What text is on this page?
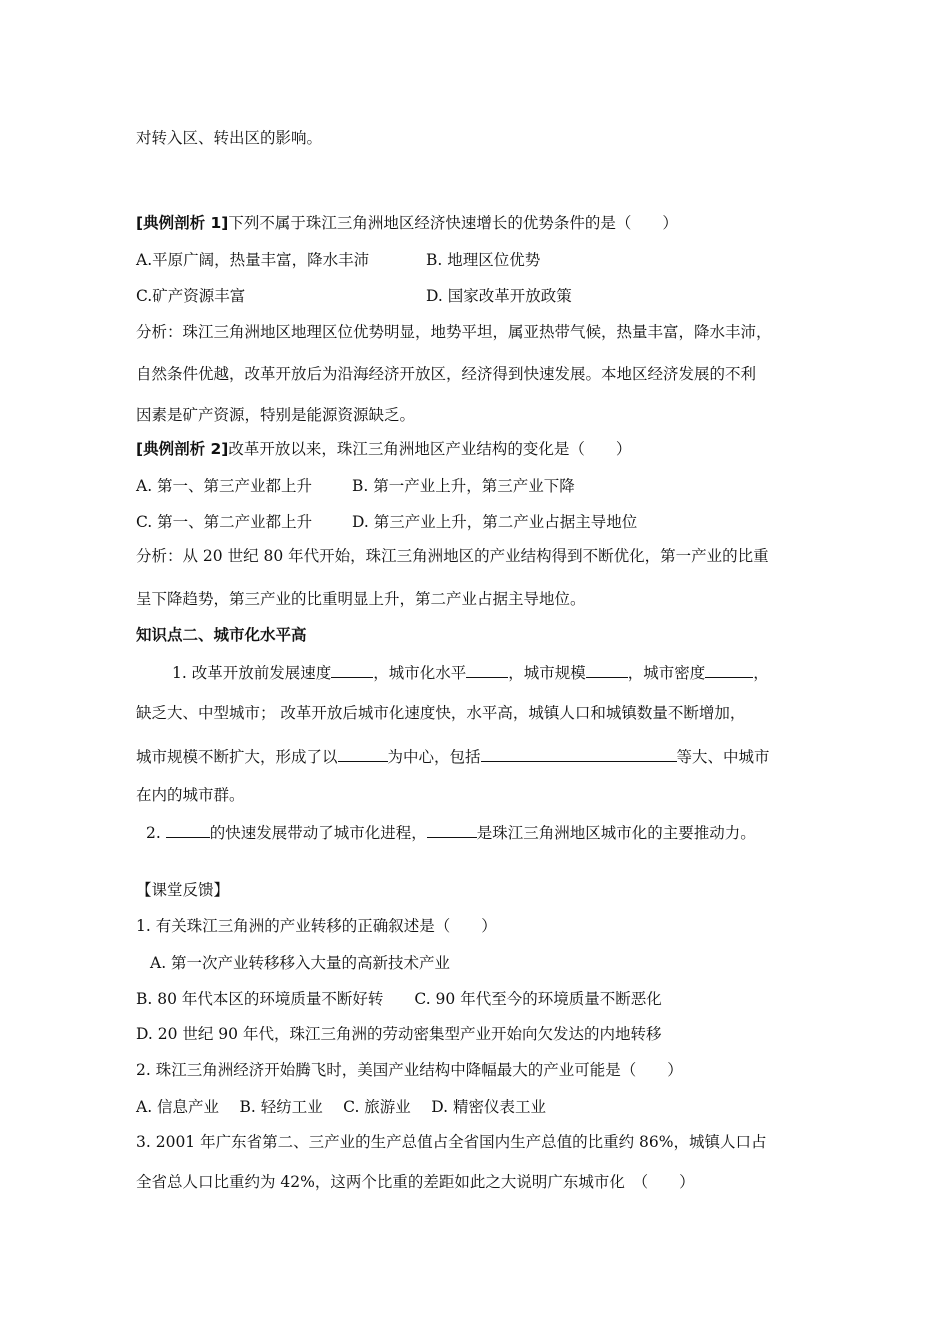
对转入区、转出区的影响。
[典例剖析 1]下列不属于珠江三角洲地区经济快速增长的优势条件的是（　　）
A.平原广阔，热量丰富，降水丰沛	B. 地理区位优势
C.矿产资源丰富	D. 国家改革开放政策
分析：珠江三角洲地区地理区位优势明显，地势平坦，属亚热带气候，热量丰富，降水丰沛，
自然条件优越，改革开放后为沿海经济开放区，经济得到快速发展。本地区经济发展的不利
因素是矿产资源，特别是能源资源缺乏。
[典例剖析 2]改革开放以来，珠江三角洲地区产业结构的变化是（　　）
A. 第一、第三产业都上升	B. 第一产业上升，第三产业下降
C. 第一、第二产业都上升	D. 第三产业上升，第二产业占据主导地位
分析：从 20 世纪 80 年代开始，珠江三角洲地区的产业结构得到不断优化，第一产业的比重
呈下降趋势，第三产业的比重明显上升，第二产业占据主导地位。
知识点二、城市化水平高
1. 改革开放前发展速度	，城市化水平	，城市规模	，城市密度	，
缺乏大、中型城市； 改革开放后城市化速度快，水平高，城镇人口和城镇数量不断增加，
城市规模不断扩大，形成了以	为中心，包括	等大、中城市
在内的城市群。
2.	的快速发展带动了城市化进程，	是珠江三角洲地区城市化的主要推动力。
【课堂反馈】
1. 有关珠江三角洲的产业转移的正确叙述是（　　）
A. 第一次产业转移移入大量的高新技术产业
B. 80 年代本区的环境质量不断好转　　C. 90 年代至今的环境质量不断恶化
D. 20 世纪 90 年代，珠江三角洲的劳动密集型产业开始向欠发达的内地转移
2. 珠江三角洲经济开始腾飞时，美国产业结构中降幅最大的产业可能是（　　）
A. 信息产业　 B. 轻纺工业　 C. 旅游业　 D. 精密仪表工业
3. 2001 年广东省第二、三产业的生产总值占全省国内生产总值的比重约 86%，城镇人口占
全省总人口比重约为 42%，这两个比重的差距如此之大说明广东城市化　（　　）
